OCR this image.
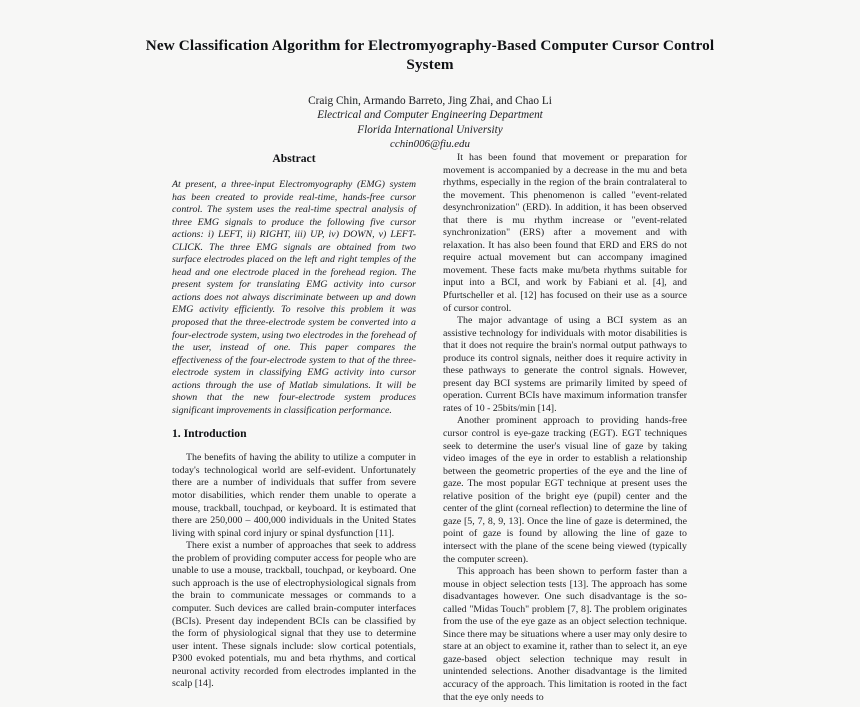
New Classification Algorithm for Electromyography-Based Computer Cursor Control System
Craig Chin, Armando Barreto, Jing Zhai, and Chao Li
Electrical and Computer Engineering Department
Florida International University
cchin006@fiu.edu
Abstract

At present, a three-input Electromyography (EMG) system has been created to provide real-time, hands-free cursor control. The system uses the real-time spectral analysis of three EMG signals to produce the following five cursor actions: i) LEFT, ii) RIGHT, iii) UP, iv) DOWN, v) LEFT-CLICK. The three EMG signals are obtained from two surface electrodes placed on the left and right temples of the head and one electrode placed in the forehead region. The present system for translating EMG activity into cursor actions does not always discriminate between up and down EMG activity efficiently. To resolve this problem it was proposed that the three-electrode system be converted into a four-electrode system, using two electrodes in the forehead of the user, instead of one. This paper compares the effectiveness of the four-electrode system to that of the three-electrode system in classifying EMG activity into cursor actions through the use of Matlab simulations. It will be shown that the new four-electrode system produces significant improvements in classification performance.

1. Introduction

The benefits of having the ability to utilize a computer in today's technological world are self-evident. Unfortunately there are a number of individuals that suffer from severe motor disabilities, which render them unable to operate a mouse, trackball, touchpad, or keyboard. It is estimated that there are 250,000 – 400,000 individuals in the United States living with spinal cord injury or spinal dysfunction [11].

There exist a number of approaches that seek to address the problem of providing computer access for people who are unable to use a mouse, trackball, touchpad, or keyboard. One such approach is the use of electrophysiological signals from the brain to communicate messages or commands to a computer. Such devices are called brain-computer interfaces (BCIs). Present day independent BCIs can be classified by the form of physiological signal that they use to determine user intent. These signals include: slow cortical potentials, P300 evoked potentials, mu and beta rhythms, and cortical neuronal activity recorded from electrodes implanted in the scalp [14].

It has been found that movement or preparation for movement is accompanied by a decrease in the mu and beta rhythms, especially in the region of the brain contralateral to the movement. This phenomenon is called "event-related desynchronization" (ERD). In addition, it has been observed that there is mu rhythm increase or "event-related synchronization" (ERS) after a movement and with relaxation. It has also been found that ERD and ERS do not require actual movement but can accompany imagined movement. These facts make mu/beta rhythms suitable for input into a BCI, and work by Fabiani et al. [4], and Pfurtscheller et al. [12] has focused on their use as a source of cursor control.

The major advantage of using a BCI system as an assistive technology for individuals with motor disabilities is that it does not require the brain's normal output pathways to produce its control signals, neither does it require activity in these pathways to generate the control signals. However, present day BCI systems are primarily limited by speed of operation. Current BCIs have maximum information transfer rates of 10 - 25bits/min [14].

Another prominent approach to providing hands-free cursor control is eye-gaze tracking (EGT). EGT techniques seek to determine the user's visual line of gaze by taking video images of the eye in order to establish a relationship between the geometric properties of the eye and the line of gaze. The most popular EGT technique at present uses the relative position of the bright eye (pupil) center and the center of the glint (corneal reflection) to determine the line of gaze [5, 7, 8, 9, 13]. Once the line of gaze is determined, the point of gaze is found by allowing the line of gaze to intersect with the plane of the scene being viewed (typically the computer screen).

This approach has been shown to perform faster than a mouse in object selection tests [13]. The approach has some disadvantages however. One such disadvantage is the so-called "Midas Touch" problem [7, 8]. The problem originates from the use of the eye gaze as an object selection technique. Since there may be situations where a user may only desire to stare at an object to examine it, rather than to select it, an eye gaze-based object selection technique may result in unintended selections. Another disadvantage is the limited accuracy of the approach. This limitation is rooted in the fact that the eye only needs to
